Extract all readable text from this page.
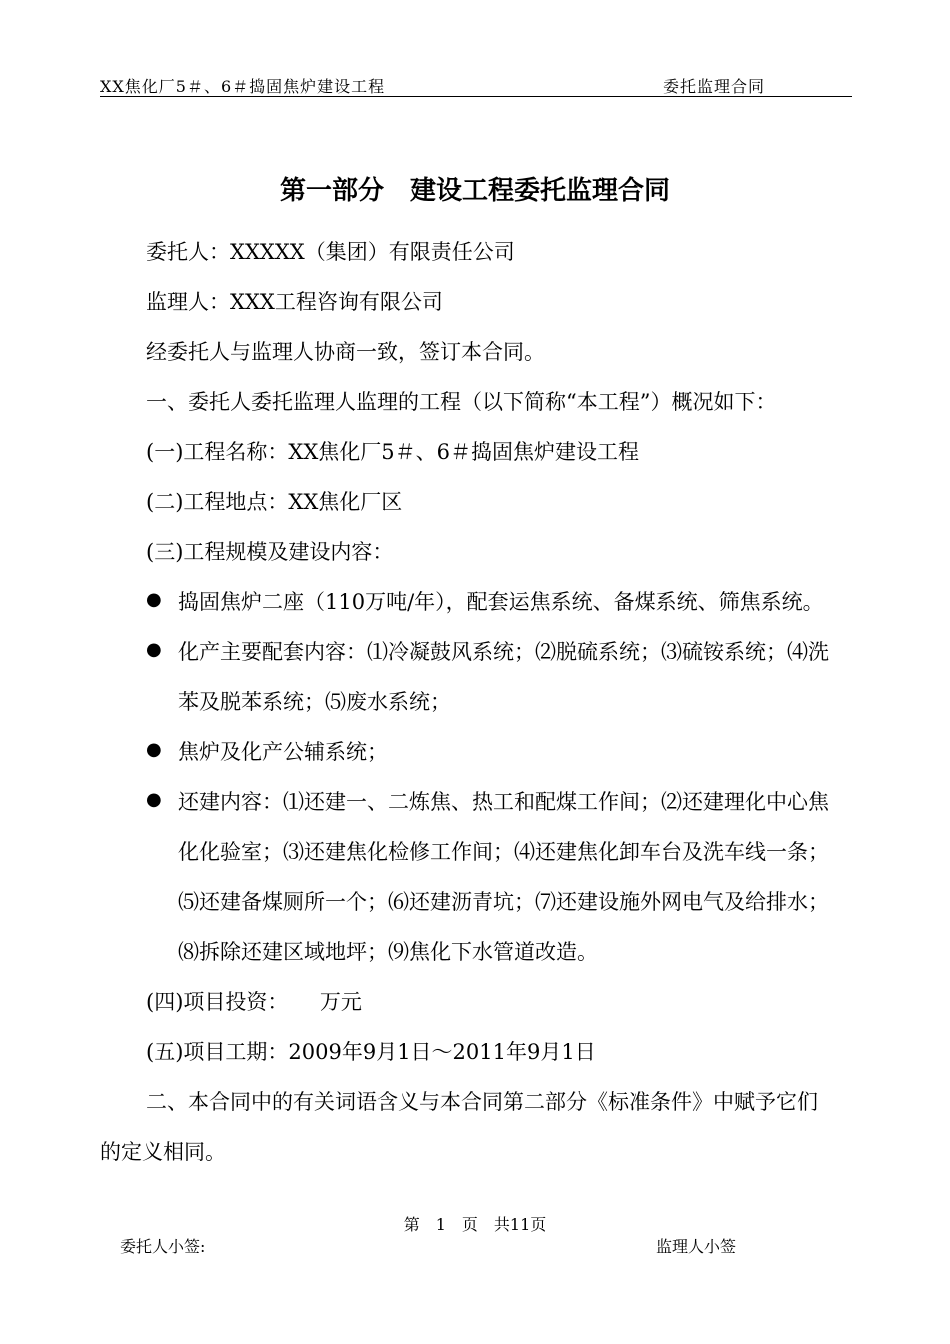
XX焦化厂5＃、6＃捣固焦炉建设工程	委托监理合同
第一部分　建设工程委托监理合同
委托人：XXXXX（集团）有限责任公司
监理人：XXX工程咨询有限公司
经委托人与监理人协商一致，签订本合同。
一、委托人委托监理人监理的工程（以下简称“本工程”）概况如下：
(一)工程名称：XX焦化厂5＃、6＃捣固焦炉建设工程
(二)工程地点：XX焦化厂区
(三)工程规模及建设内容：
● 捣固焦炉二座（110万吨/年），配套运焦系统、备煤系统、筛焦系统。
● 化产主要配套内容：⑴冷凝鼓风系统；⑵脱硫系统；⑶硫铵系统；⑷洗
苯及脱苯系统；⑸废水系统；
● 焦炉及化产公辅系统；
● 还建内容：⑴还建一、二炼焦、热工和配煤工作间；⑵还建理化中心焦
化化验室；⑶还建焦化检修工作间；⑷还建焦化卸车台及洗车线一条；
⑸还建备煤厕所一个；⑹还建沥青坑；⑺还建设施外网电气及给排水；
⑻拆除还建区域地坪；⑼焦化下水管道改造。
(四)项目投资：　　万元
(五)项目工期：2009年9月1日～2011年9月1日
二、本合同中的有关词语含义与本合同第二部分《标准条件》中赋予它们
的定义相同。
第　1　页　共11页
委托人小签:	监理人小签
